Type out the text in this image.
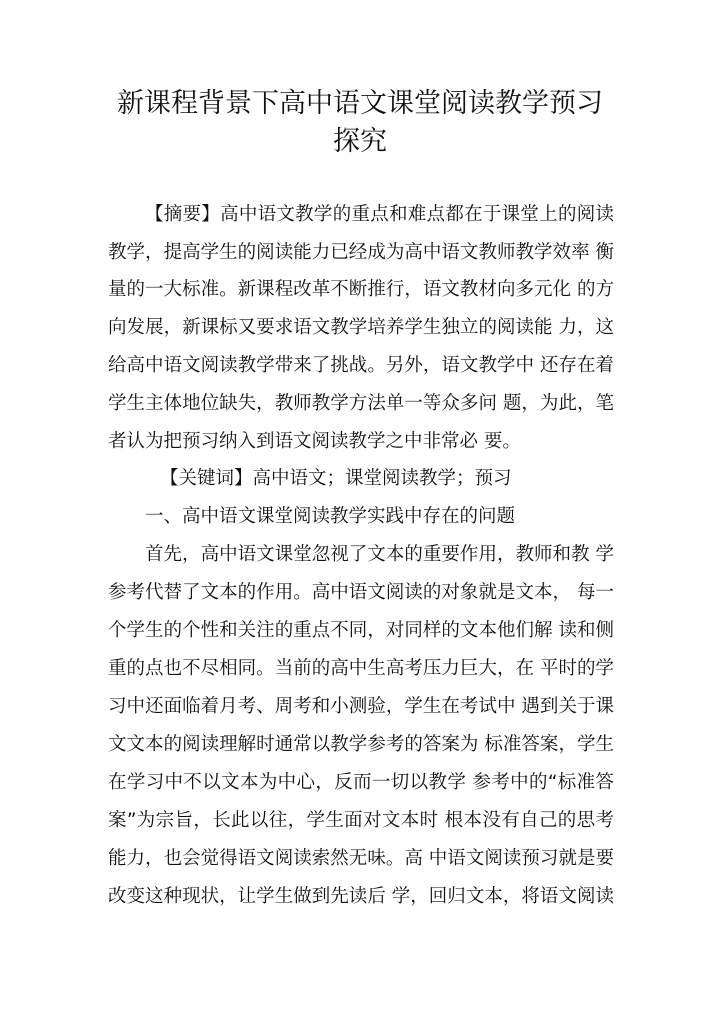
新课程背景下高中语文课堂阅读教学预习
探究
【摘要】高中语文教学的重点和难点都在于课堂上的阅读
教学，提高学生的阅读能力已经成为高中语文教师教学效率 衡
量的一大标准。新课程改革不断推行，语文教材向多元化 的方
向发展，新课标又要求语文教学培养学生独立的阅读能 力，这
给高中语文阅读教学带来了挑战。另外，语文教学中 还存在着
学生主体地位缺失，教师教学方法单一等众多问 题，为此，笔
者认为把预习纳入到语文阅读教学之中非常必 要。
【关键词】高中语文；课堂阅读教学；预习
一、高中语文课堂阅读教学实践中存在的问题
首先，高中语文课堂忽视了文本的重要作用，教师和教 学
参考代替了文本的作用。高中语文阅读的对象就是文本， 每一
个学生的个性和关注的重点不同，对同样的文本他们解 读和侧
重的点也不尽相同。当前的高中生高考压力巨大，在 平时的学
习中还面临着月考、周考和小测验，学生在考试中 遇到关于课
文文本的阅读理解时通常以教学参考的答案为 标准答案，学生
在学习中不以文本为中心，反而一切以教学 参考中的“标准答
案”为宗旨，长此以往，学生面对文本时 根本没有自己的思考
能力，也会觉得语文阅读索然无味。高 中语文阅读预习就是要
改变这种现状，让学生做到先读后 学，回归文本，将语文阅读
